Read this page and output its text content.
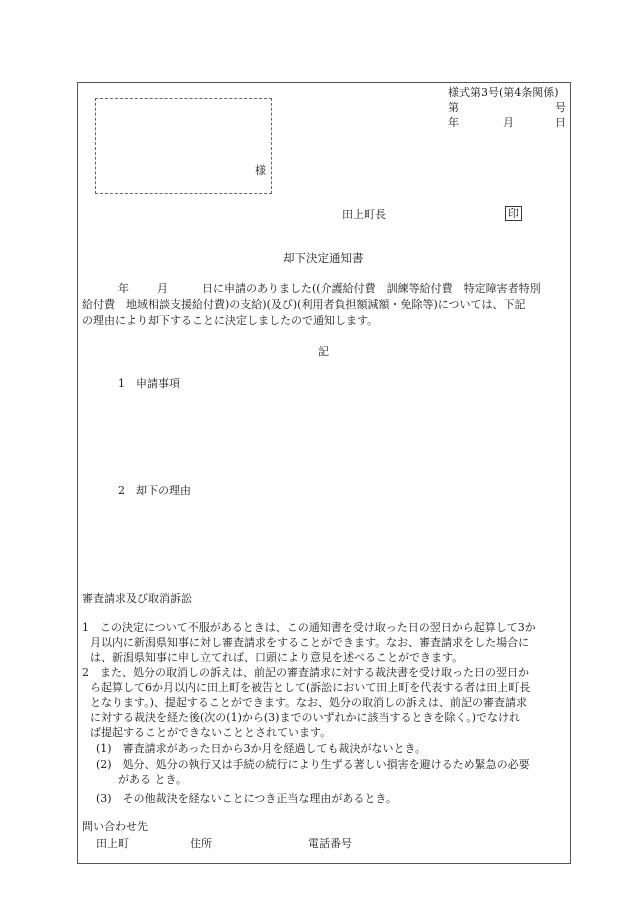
様式第3号(第4条関係)
第	号
年	月	日
様
田上町長	印
却下決定通知書
年	月	日に申請のありました((介護給付費　訓練等給付費　特定障害者特別
給付費　地域相談支援給付費)の支給)(及び)(利用者負担額減額・免除等)については、下記
の理由により却下することに決定しましたので通知します。
記
1　申請事項
2　却下の理由
審査請求及び取消訴訟
1　この決定について不服があるときは、この通知書を受け取った日の翌日から起算して3か
月以内に新潟県知事に対し審査請求をすることができます。なお、審査請求をした場合に
は、新潟県知事に申し立てれば、口頭により意見を述べることができます。
2　また、処分の取消しの訴えは、前記の審査請求に対する裁決書を受け取った日の翌日か
ら起算して6か月以内に田上町を被告として(訴訟において田上町を代表する者は田上町長
となります。)、提起することができます。なお、処分の取消しの訴えは、前記の審査請求
に対する裁決を経た後(次の(1)から(3)までのいずれかに該当するときを除く。)でなけれ
ば提起することができないこととされています。
(1)　審査請求があった日から3か月を経過しても裁決がないとき。
(2)　処分、処分の執行又は手続の続行により生ずる著しい損害を避けるため緊急の必要
　　がある とき。
(3)　その他裁決を経ないことにつき正当な理由があるとき。
問い合わせ先
田上町	住所	電話番号
